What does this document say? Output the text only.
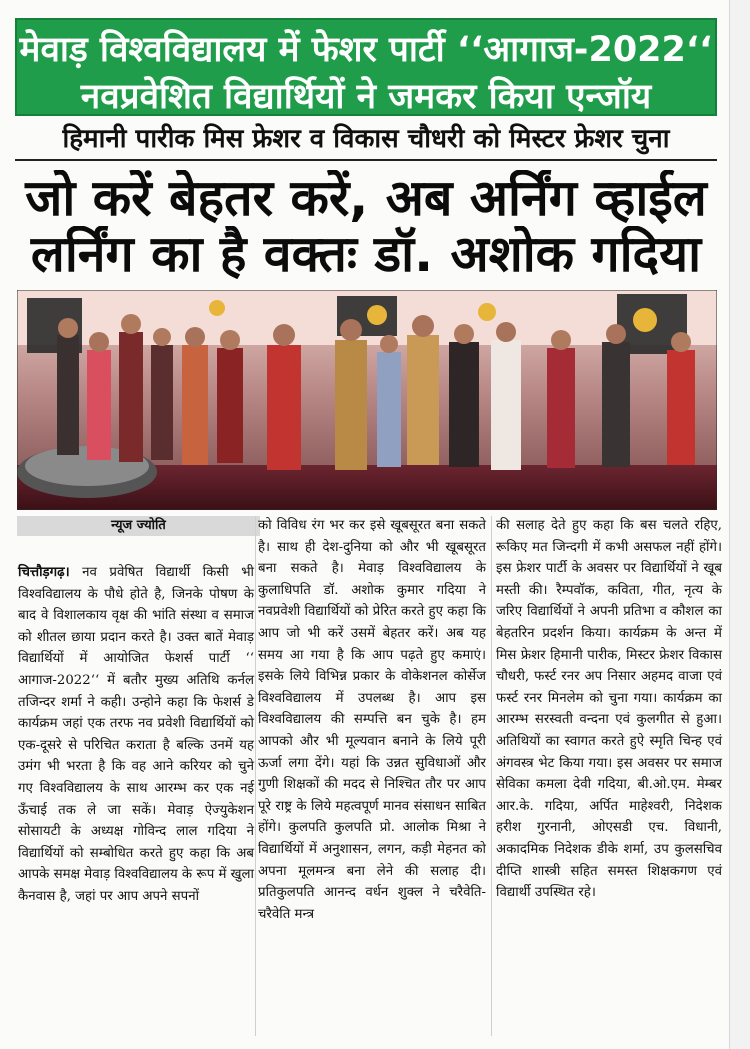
मेवाड़ विश्वविद्यालय में फेशर पार्टी ‘‘आगाज-2022‘‘
नवप्रवेशित विद्यार्थियों ने जमकर किया एन्जॉय
हिमानी पारीक मिस फ्रेशर व विकास चौधरी को मिस्टर फ्रेशर चुना
जो करें बेहतर करें, अब अर्निंग व्हाईल
लर्निंग का है वक्तः डॉ. अशोक गदिया
न्यूज ज्योति

चित्तौड़गढ़। नव प्रवेषित विद्यार्थी किसी भी विश्वविद्यालय के पौधे होते है, जिनके पोषण के बाद वे विशालकाय वृक्ष की भांति संस्था व समाज को शीतल छाया प्रदान करते है। उक्त बातें मेवाड़ विद्यार्थियों में आयोजित फेशर्स पार्टी ‘‘ आगाज-2022‘‘ में बतौर मुख्य अतिथि कर्नल तजिन्दर शर्मा ने कही। उन्होने कहा कि फेशर्स डे कार्यक्रम जहां एक तरफ नव प्रवेशी विद्यार्थियों को एक-दूसरे से परिचित कराता है बल्कि उनमें यह उमंग भी भरता है कि वह आने करियर को चुने गए विश्वविद्यालय के साथ आरम्भ कर एक नई ऊँचाई तक ले जा सकें। मेवाड़ ऐज्युकेशन सोसायटी के अध्यक्ष गोविन्द लाल गदिया ने विद्यार्थियों को सम्बोधित करते हुए कहा कि अब आपके समक्ष मेवाड़ विश्वविद्यालय के रूप में खुला कैनवास है, जहां पर आप अपने सपनों

को विविध रंग भर कर इसे खूबसूरत बना सकते है। साथ ही देश-दुनिया को और भी खूबसूरत बना सकते है। मेवाड़ विश्वविद्यालय के कुलाधिपति डॉ. अशोक कुमार गदिया ने नवप्रवेशी विद्यार्थियों को प्रेरित करते हुए कहा कि आप जो भी करें उसमें बेहतर करें। अब यह समय आ गया है कि आप पढ़ते हुए कमाएं। इसके लिये विभिन्न प्रकार के वोकेशनल कोर्सेज विश्वविद्यालय में उपलब्ध है। आप इस विश्वविद्यालय की सम्पत्ति बन चुके है। हम आपको और भी मूल्यवान बनाने के लिये पूरी ऊर्जा लगा देंगे। यहां कि उन्नत सुविधाओं और गुणी शिक्षकों की मदद से निश्चित तौर पर आप पूरे राष्ट्र के लिये महत्वपूर्ण मानव संसाधन साबित होंगे। कुलपति कुलपति प्रो. आलोक मिश्रा ने विद्यार्थियों में अनुशासन, लगन, कड़ी मेहनत को अपना मूलमन्त्र बना लेने की सलाह दी। प्रतिकुलपति आनन्द वर्धन शुक्ल ने चरैवेति-चरैवेति मन्त्र

की सलाह देते हुए कहा कि बस चलते रहिए, रूकिए मत जिन्दगी में कभी असफल नहीं होंगे। इस फ्रेशर पार्टी के अवसर पर विद्यार्थियों ने खूब मस्ती की। रैम्पवॉक, कविता, गीत, नृत्य के जरिए विद्यार्थियों ने अपनी प्रतिभा व कौशल का बेहतरिन प्रदर्शन किया। कार्यक्रम के अन्त में मिस फ्रेशर हिमानी पारीक, मिस्टर फ्रेशर विकास चौधरी, फर्स्ट रनर अप निसार अहमद वाजा एवं फर्स्ट रनर मिनलेम को चुना गया। कार्यक्रम का आरम्भ सरस्वती वन्दना एवं कुलगीत से हुआ। अतिथियों का स्वागत करते हुऐ स्मृति चिन्ह एवं अंगवस्त्र भेट किया गया। इस अवसर पर समाज सेविका कमला देवी गदिया, बी.ओ.एम. मेम्बर आर.के. गदिया, अर्पित माहेश्वरी, निदेशक हरीश गुरनानी, ओएसडी एच. विधानी, अकादमिक निदेशक डीके शर्मा, उप कुलसचिव दीप्ति शास्त्री सहित समस्त शिक्षकगण एवं विद्यार्थी उपस्थित रहे।
